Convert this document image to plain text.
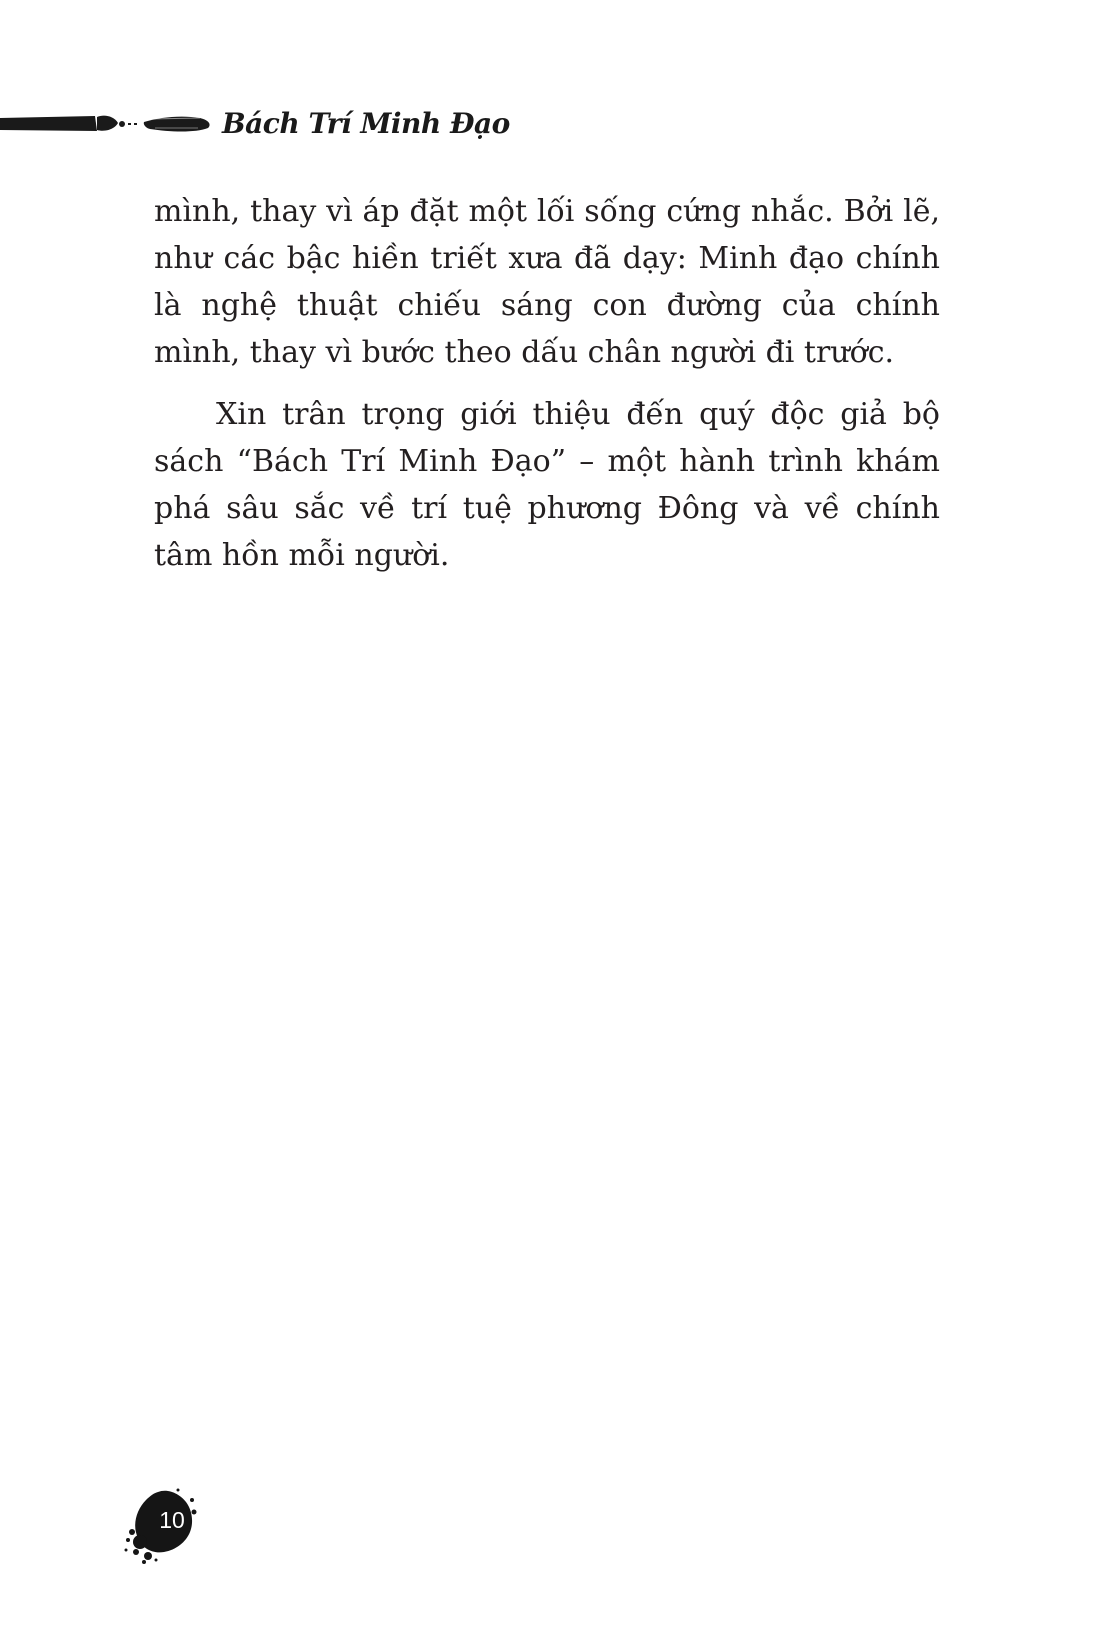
Bách Trí Minh Đạo

mình, thay vì áp đặt một lối sống cứng nhắc. Bởi lẽ, như các bậc hiền triết xưa đã dạy: Minh đạo chính là nghệ thuật chiếu sáng con đường của chính mình, thay vì bước theo dấu chân người đi trước.

Xin trân trọng giới thiệu đến quý độc giả bộ sách “Bách Trí Minh Đạo” – một hành trình khám phá sâu sắc về trí tuệ phương Đông và về chính tâm hồn mỗi người.

10
